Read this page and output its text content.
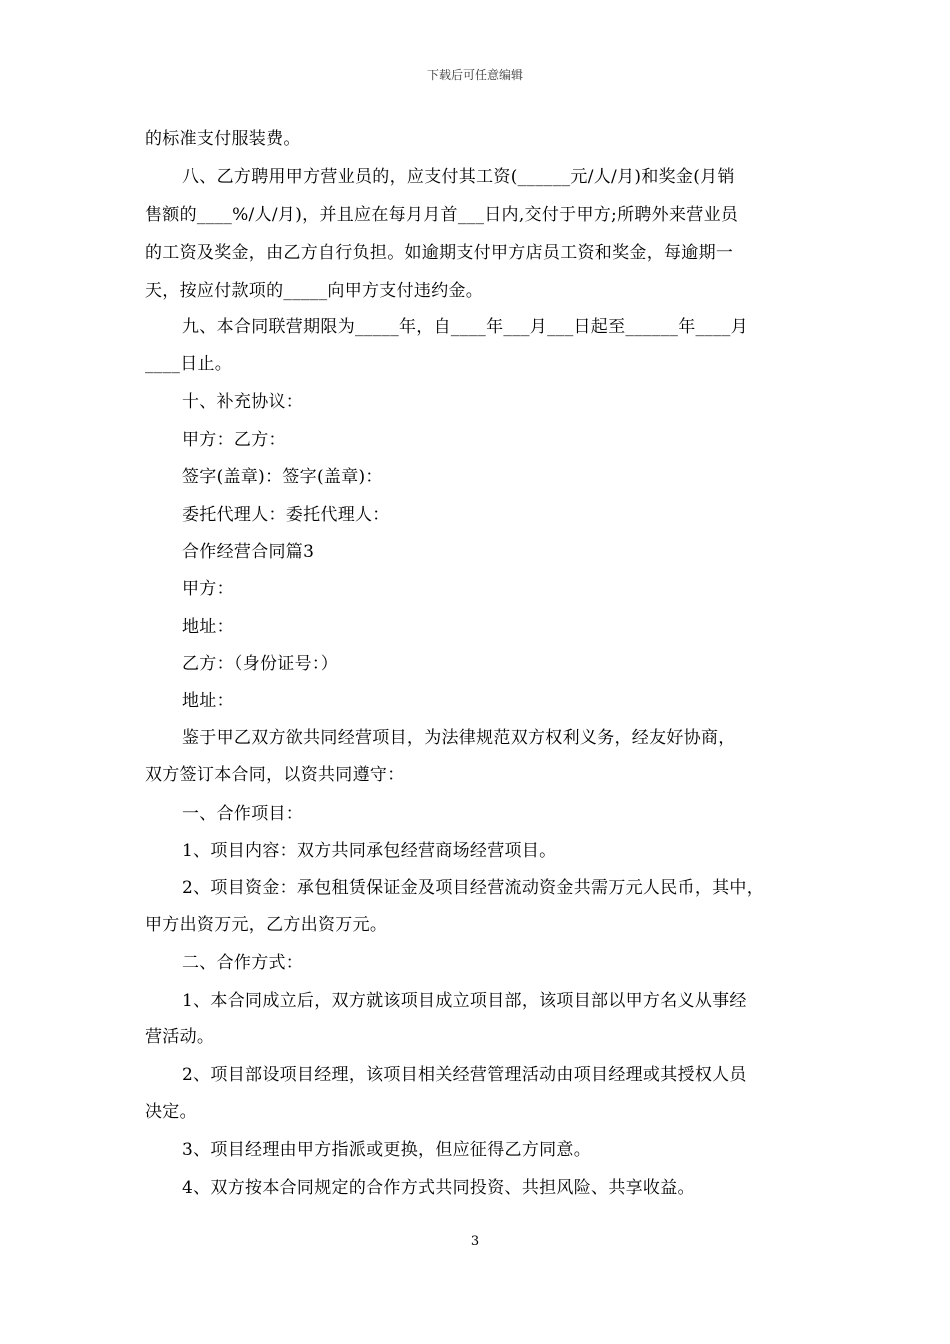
下载后可任意编辑
的标准支付服装费。
八、乙方聘用甲方营业员的，应支付其工资(______元/人/月)和奖金(月销
售额的____%/人/月)，并且应在每月月首___日内,交付于甲方;所聘外来营业员
的工资及奖金，由乙方自行负担。如逾期支付甲方店员工资和奖金，每逾期一
天，按应付款项的_____向甲方支付违约金。
九、本合同联营期限为_____年，自____年___月___日起至______年____月
____日止。
十、补充协议：
甲方：乙方：
签字(盖章)：签字(盖章)：
委托代理人：委托代理人：
合作经营合同篇3
甲方：
地址：
乙方：（身份证号：）
地址：
鉴于甲乙双方欲共同经营项目，为法律规范双方权利义务，经友好协商，
双方签订本合同，以资共同遵守：
一、合作项目：
1、项目内容：双方共同承包经营商场经营项目。
2、项目资金：承包租赁保证金及项目经营流动资金共需万元人民币，其中，
甲方出资万元，乙方出资万元。
二、合作方式：
1、本合同成立后，双方就该项目成立项目部，该项目部以甲方名义从事经
营活动。
2、项目部设项目经理，该项目相关经营管理活动由项目经理或其授权人员
决定。
3、项目经理由甲方指派或更换，但应征得乙方同意。
4、双方按本合同规定的合作方式共同投资、共担风险、共享收益。
3
